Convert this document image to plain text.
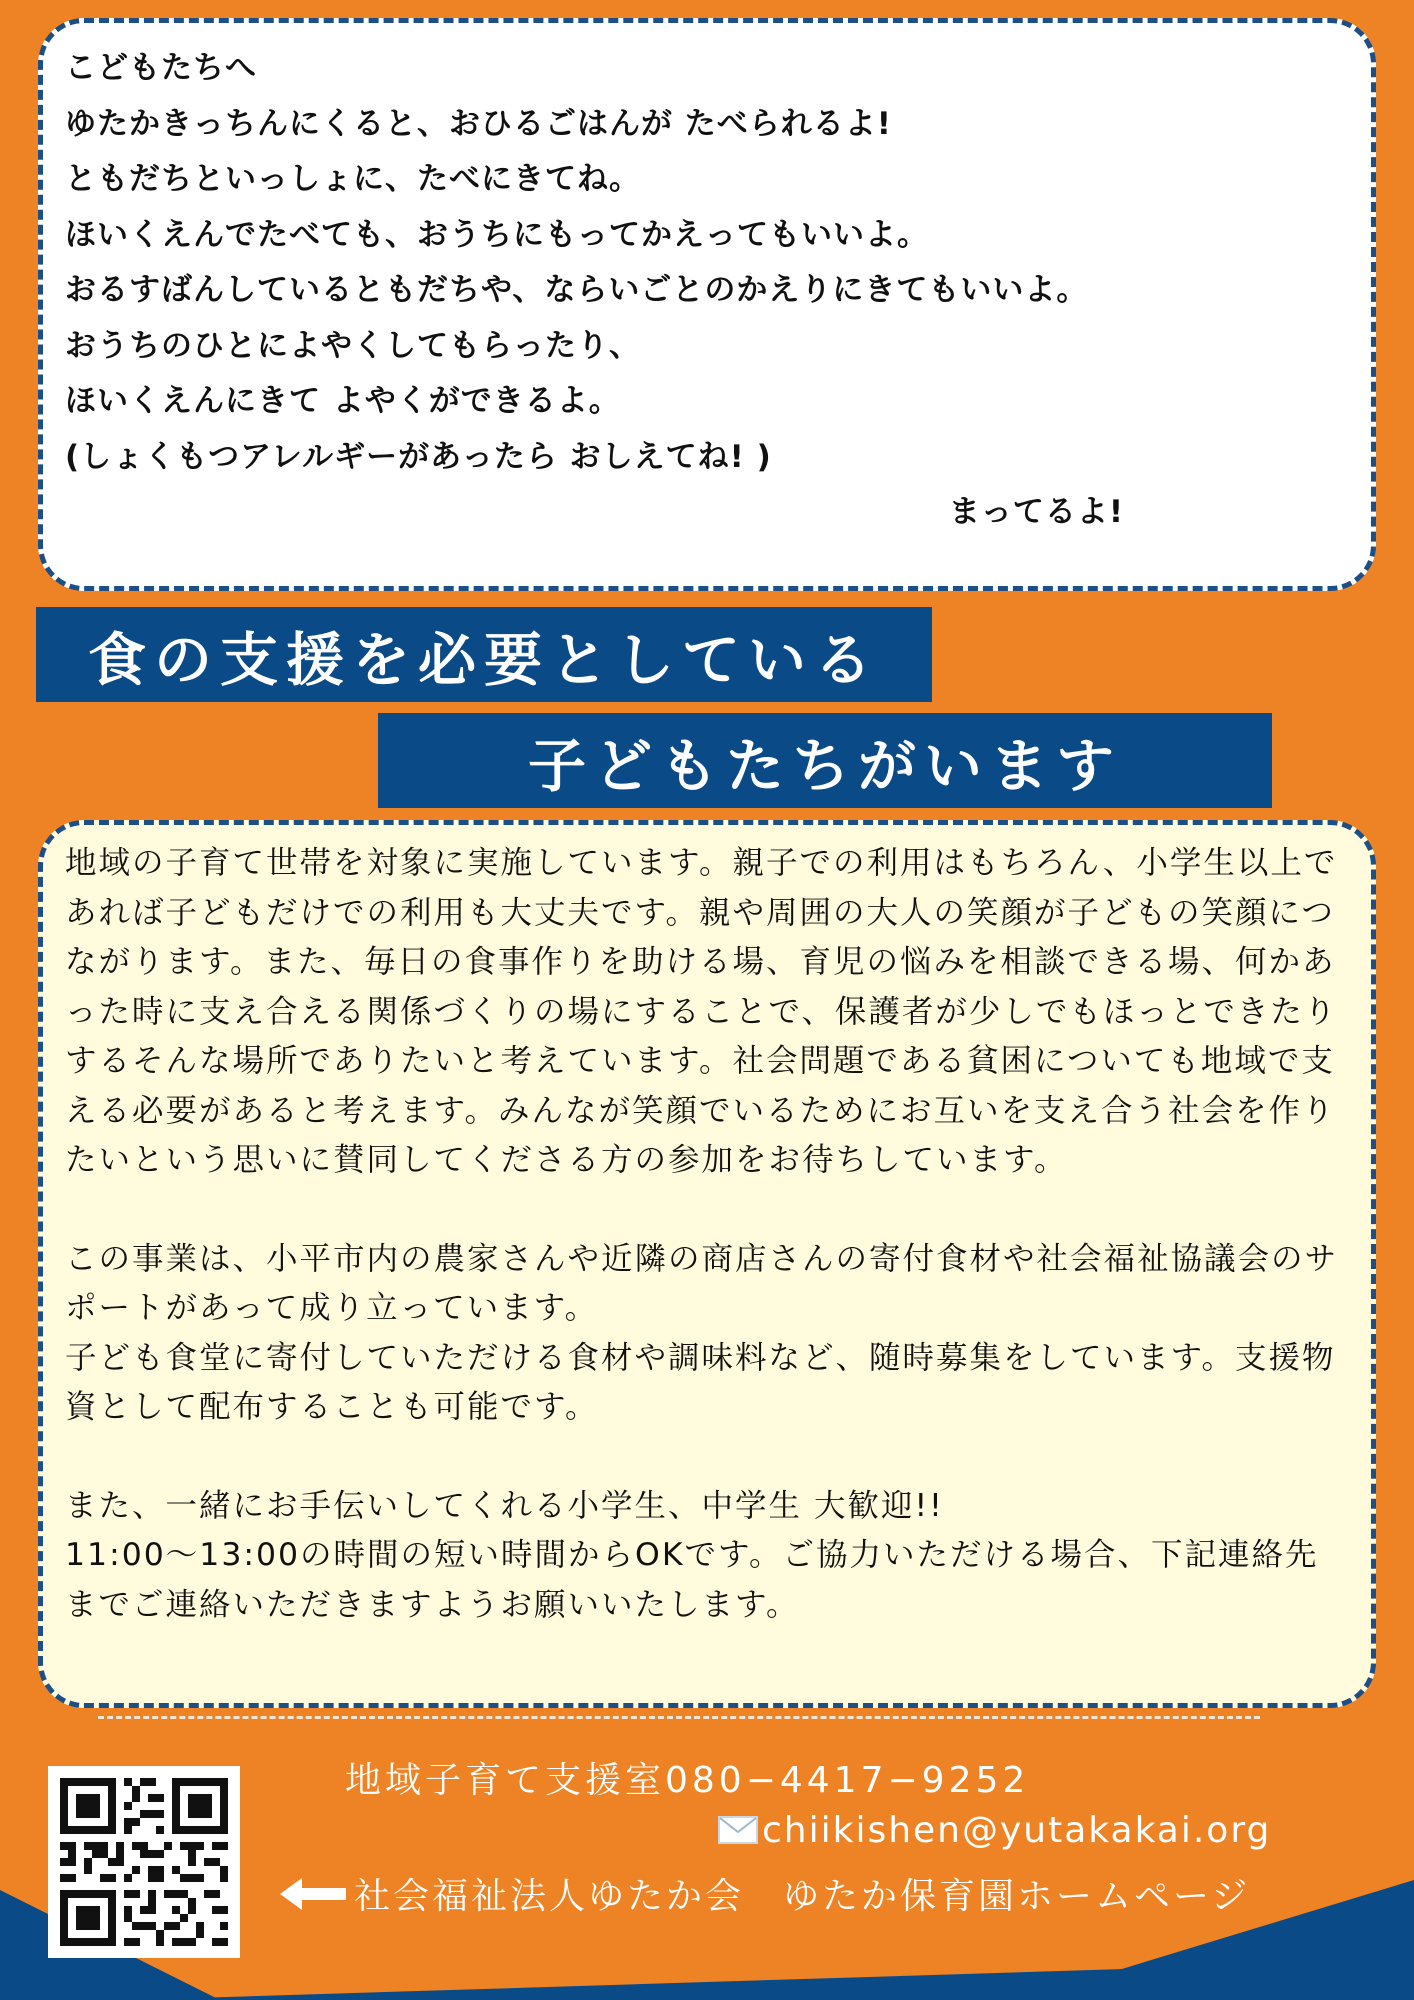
こどもたちへ
ゆたかきっちんにくると、おひるごはんが たべられるよ!
ともだちといっしょに、たべにきてね。
ほいくえんでたべても、おうちにもってかえってもいいよ。
おるすばんしているともだちや、ならいごとのかえりにきてもいいよ。
おうちのひとによやくしてもらったり、
ほいくえんにきて よやくができるよ。
(しょくもつアレルギーがあったら おしえてね! )
まってるよ!
食の支援を必要としている
子どもたちがいます

地域の子育て世帯を対象に実施しています。親子での利用はもちろん、小学生以上であれば子どもだけでの利用も大丈夫です。親や周囲の大人の笑顔が子どもの笑顔につながります。また、毎日の食事作りを助ける場、育児の悩みを相談できる場、何かあった時に支え合える関係づくりの場にすることで、保護者が少しでもほっとできたりするそんな場所でありたいと考えています。社会問題である貧困についても地域で支える必要があると考えます。みんなが笑顔でいるためにお互いを支え合う社会を作りたいという思いに賛同してくださる方の参加をお待ちしています。

この事業は、小平市内の農家さんや近隣の商店さんの寄付食材や社会福祉協議会のサポートがあって成り立っています。
子ども食堂に寄付していただける食材や調味料など、随時募集をしています。支援物資として配布することも可能です。

また、一緒にお手伝いしてくれる小学生、中学生 大歓迎!!
11:00〜13:00の時間の短い時間からOKです。ご協力いただける場合、下記連絡先までご連絡いただきますようお願いいたします。

地域子育て支援室080−4417−9252
chiikishen@yutakakai.org
社会福祉法人ゆたか会　ゆたか保育園ホームページ
